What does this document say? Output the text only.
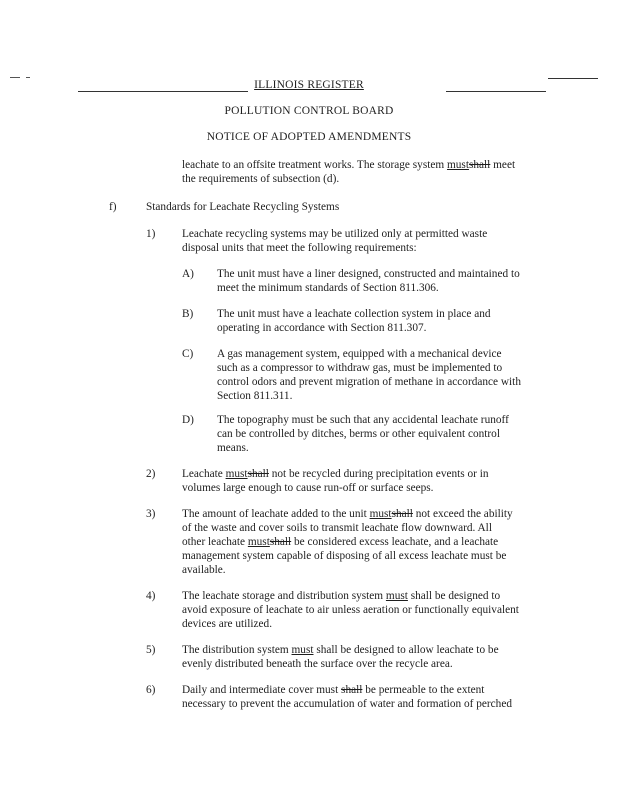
ILLINOIS REGISTER
POLLUTION CONTROL BOARD
NOTICE OF ADOPTED AMENDMENTS
leachate to an offsite treatment works. The storage system mustshall meet
the requirements of subsection (d).
f)	Standards for Leachate Recycling Systems
1) Leachate recycling systems may be utilized only at permitted waste
disposal units that meet the following requirements:
A) The unit must have a liner designed, constructed and maintained to
meet the minimum standards of Section 811.306.
B) The unit must have a leachate collection system in place and
operating in accordance with Section 811.307.
C) A gas management system, equipped with a mechanical device
such as a compressor to withdraw gas, must be implemented to
control odors and prevent migration of methane in accordance with
Section 811.311.
D) The topography must be such that any accidental leachate runoff
can be controlled by ditches, berms or other equivalent control
means.
2) Leachate mustshall not be recycled during precipitation events or in
volumes large enough to cause run-off or surface seeps.
3) The amount of leachate added to the unit mustshall not exceed the ability
of the waste and cover soils to transmit leachate flow downward. All
other leachate mustshall be considered excess leachate, and a leachate
management system capable of disposing of all excess leachate must be
available.
4) The leachate storage and distribution system must shall be designed to
avoid exposure of leachate to air unless aeration or functionally equivalent
devices are utilized.
5) The distribution system must shall be designed to allow leachate to be
evenly distributed beneath the surface over the recycle area.
6) Daily and intermediate cover must shall be permeable to the extent
necessary to prevent the accumulation of water and formation of perched
